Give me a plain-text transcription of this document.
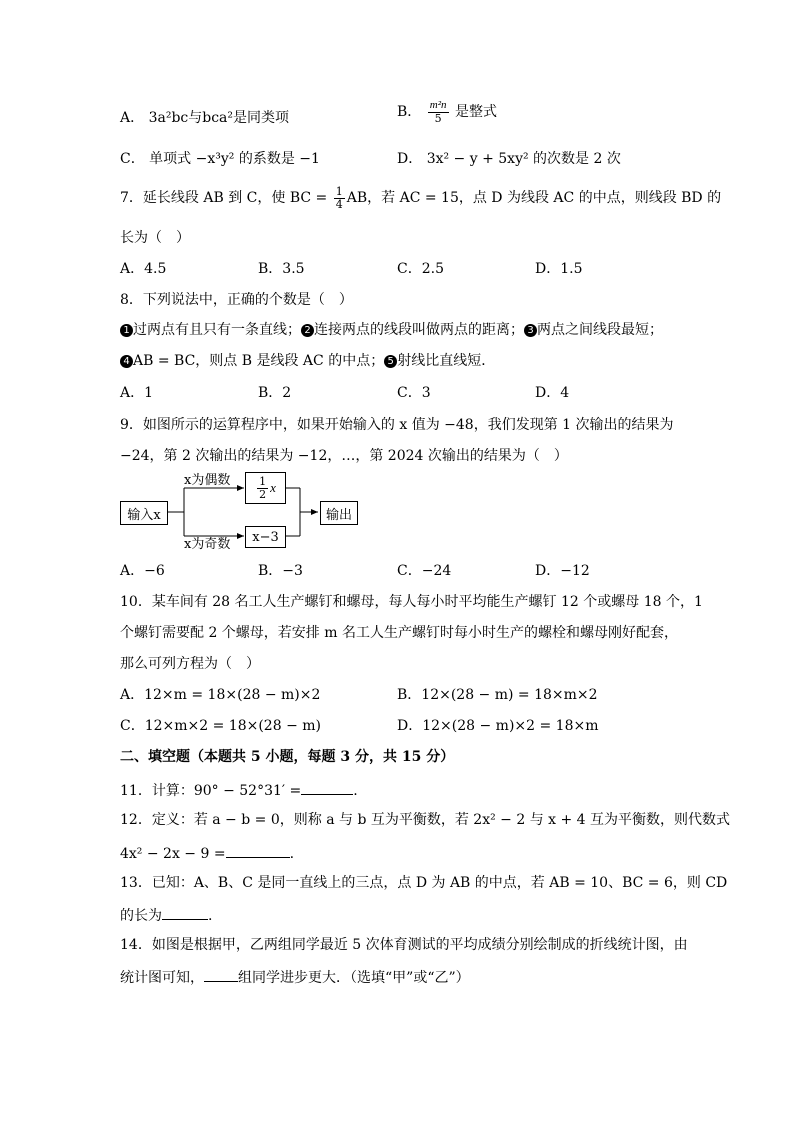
A． 3a²bc与bca²是同类项	B． $\frac{\text{m²n}}{5}$ 是整式
C． 单项式 −x³y² 的系数是 −1	D． 3x² − y + 5xy² 的次数是 2 次
7．延长线段 AB 到 C，使 BC = $\frac{1}{4}$ AB，若 AC = 15，点 D 为线段 AC 的中点，则线段 BD 的
长为（　）
A．4.5	B．3.5	C．2.5	D．1.5
8．下列说法中，正确的个数是（　）
1 过两点有且只有一条直线； 2 连接两点的线段叫做两点的距离； 3 两点之间线段最短；
4 AB = BC，则点 B 是线段 AC 的中点； 5 射线比直线短．
A．1	B．2	C．3	D．4
9．如图所示的运算程序中，如果开始输入的 x 值为 −48，我们发现第 1 次输出的结果为
−24，第 2 次输出的结果为 −12，…，第 2024 次输出的结果为（　）
输入x
x为偶数
x为奇数
$\frac{1}{2}$ x
x−3
输出
A．−6	B．−3	C．−24	D．−12
10．某车间有 28 名工人生产螺钉和螺母，每人每小时平均能生产螺钉 12 个或螺母 18 个，1
个螺钉需要配 2 个螺母，若安排 m 名工人生产螺钉时每小时生产的螺栓和螺母刚好配套，
那么可列方程为（　）
A．12×m = 18×(28 − m)×2	B．12×(28 − m) = 18×m×2
C．12×m×2 = 18×(28 − m)	D．12×(28 − m)×2 = 18×m
二、填空题（本题共 5 小题，每题 3 分，共 15 分）
11．计算：90° − 52°31′ =	.
12．定义：若 a − b = 0，则称 a 与 b 互为平衡数，若 2x² − 2 与 x + 4 互为平衡数，则代数式
4x² − 2x − 9 =	.
13．已知：A、B、C 是同一直线上的三点，点 D 为 AB 的中点，若 AB = 10、BC = 6，则 CD
的长为	.
14．如图是根据甲，乙两组同学最近 5 次体育测试的平均成绩分别绘制成的折线统计图，由
统计图可知， 组同学进步更大．（选填“甲”或“乙”）
